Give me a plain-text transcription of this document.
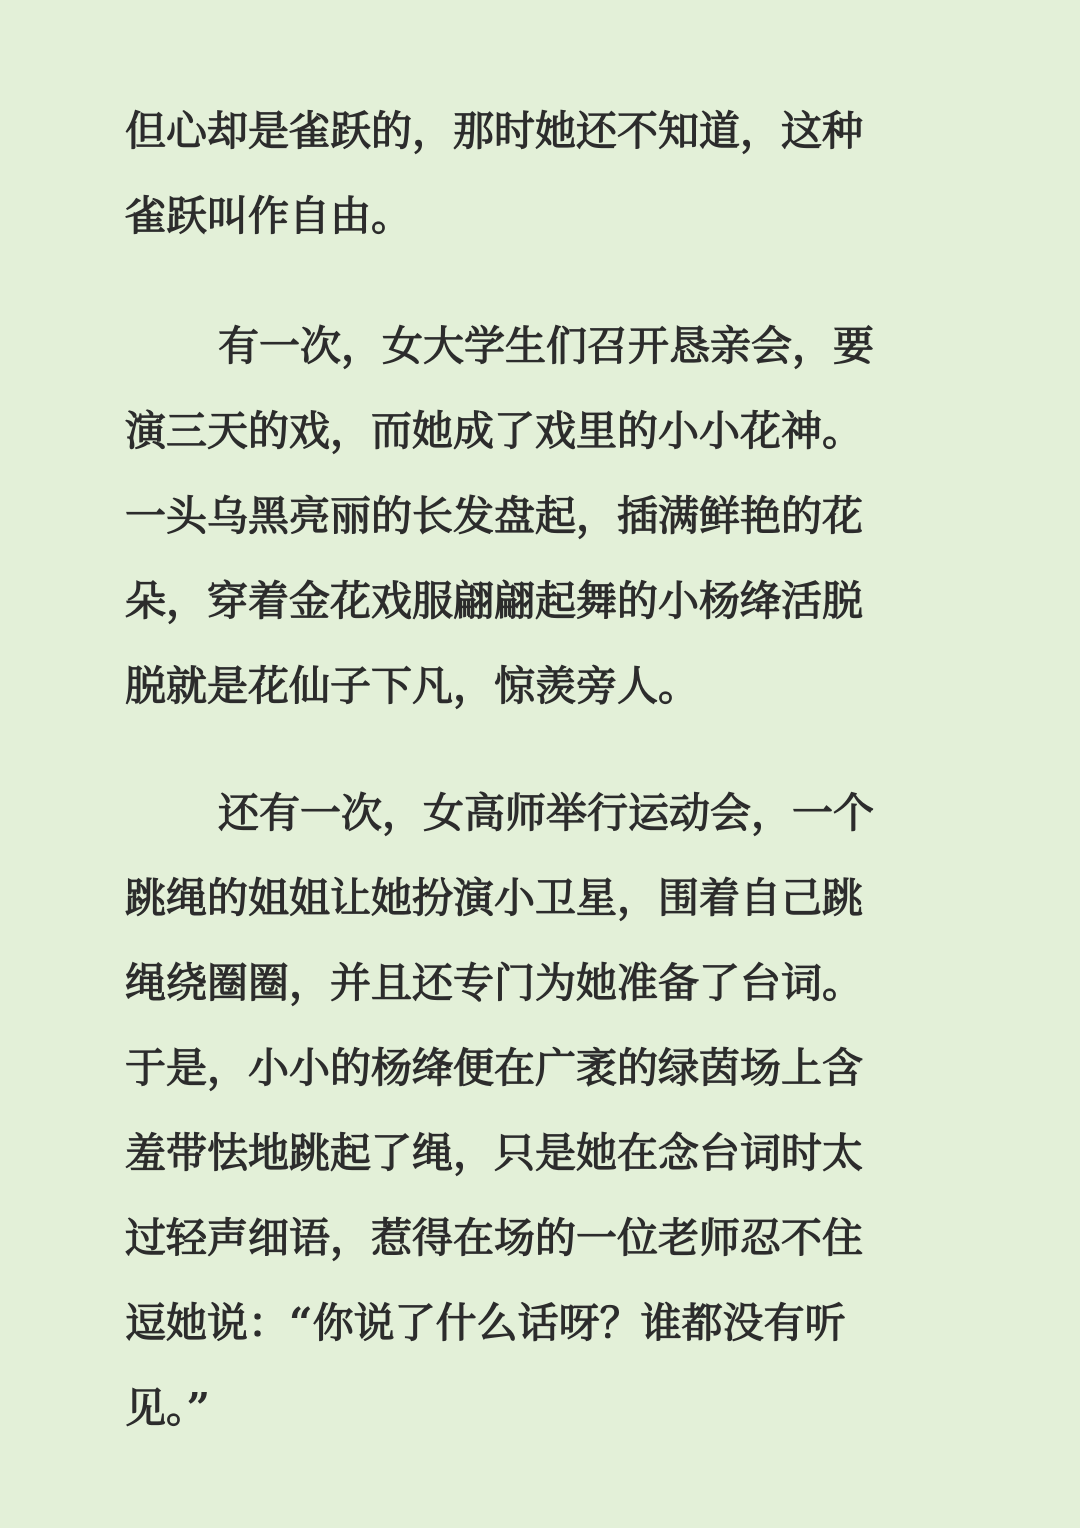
但心却是雀跃的，那时她还不知道，这种
雀跃叫作自由。
有一次，女大学生们召开恳亲会，要
演三天的戏，而她成了戏里的小小花神。
一头乌黑亮丽的长发盘起，插满鲜艳的花
朵，穿着金花戏服翩翩起舞的小杨绛活脱
脱就是花仙子下凡，惊羡旁人。
还有一次，女高师举行运动会，一个
跳绳的姐姐让她扮演小卫星，围着自己跳
绳绕圈圈，并且还专门为她准备了台词。
于是，小小的杨绛便在广袤的绿茵场上含
羞带怯地跳起了绳，只是她在念台词时太
过轻声细语，惹得在场的一位老师忍不住
逗她说：“你说了什么话呀？谁都没有听
见。”
